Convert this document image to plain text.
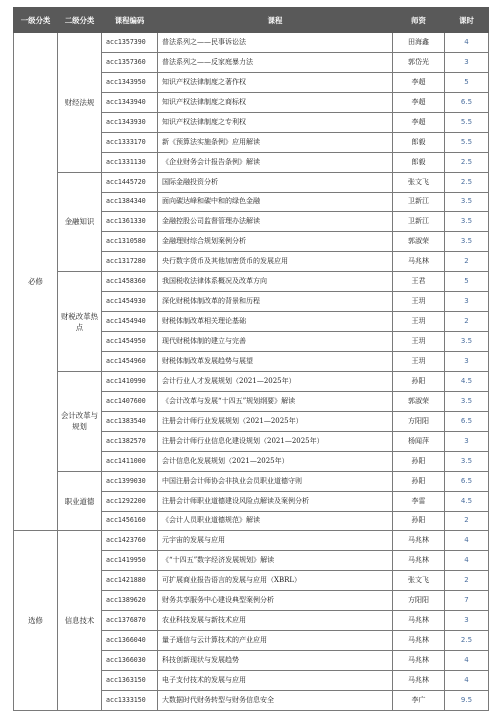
一级分类	二级分类	课程编码	课程	师资	课时
必修	财经法规	acc1357390	普法系列之——民事诉讼法	田海鑫	4
		acc1357360	普法系列之——反家庭暴力法	郭岱光	3
		acc1343950	知识产权法律制度之著作权	李超	5
		acc1343940	知识产权法律制度之商标权	李超	6.5
		acc1343930	知识产权法律制度之专利权	李超	5.5
		acc1333170	新《预算法实施条例》应用解读	郎毅	5.5
		acc1331130	《企业财务会计报告条例》解读	郎毅	2.5
	金融知识	acc1445720	国际金融投资分析	张文飞	2.5
		acc1384340	面向碳达峰和碳中和的绿色金融	卫新江	3.5
		acc1361330	金融控股公司监督管理办法解读	卫新江	3.5
		acc1310580	金融理财综合规划案例分析	郭淑荣	3.5
		acc1317280	央行数字货币及其他加密货币的发展应用	马兆林	2
	财税改革热点	acc1458360	我国税收法律体系概况及改革方向	王君	5
		acc1454930	深化财税体制改革的背景和历程	王玥	3
		acc1454940	财税体制改革相关理论基础	王玥	2
		acc1454950	现代财税体制的建立与完善	王玥	3.5
		acc1454960	财税体制改革发展趋势与展望	王玥	3
	会计改革与规划	acc1410990	会计行业人才发展规划（2021—2025年）	孙阳	4.5
		acc1407600	《会计改革与发展“十四五”规划纲要》解读	郭淑荣	3.5
		acc1383540	注册会计师行业发展规划（2021—2025年）	方阳阳	6.5
		acc1382570	注册会计师行业信息化建设规划（2021—2025年）	杨闻萍	3
		acc1411000	会计信息化发展规划（2021—2025年）	孙阳	3.5
	职业道德	acc1399030	中国注册会计师协会非执业会员职业道德守则	孙阳	6.5
		acc1292200	注册会计师职业道德建设风险点解读及案例分析	李雷	4.5
		acc1456160	《会计人员职业道德规范》解读	孙阳	2
选修	信息技术	acc1423760	元宇宙的发展与应用	马兆林	4
		acc1419950	《“十四五”数字经济发展规划》解读	马兆林	4
		acc1421880	可扩展商业报告语言的发展与应用（XBRL）	张文飞	2
		acc1389620	财务共享服务中心建设典型案例分析	方阳阳	7
		acc1376870	农业科技发展与新技术应用	马兆林	3
		acc1366040	量子通信与云计算技术的产业应用	马兆林	2.5
		acc1366030	科技创新现状与发展趋势	马兆林	4
		acc1363150	电子支付技术的发展与应用	马兆林	4
		acc1333150	大数据时代财务转型与财务信息安全	李广	9.5
